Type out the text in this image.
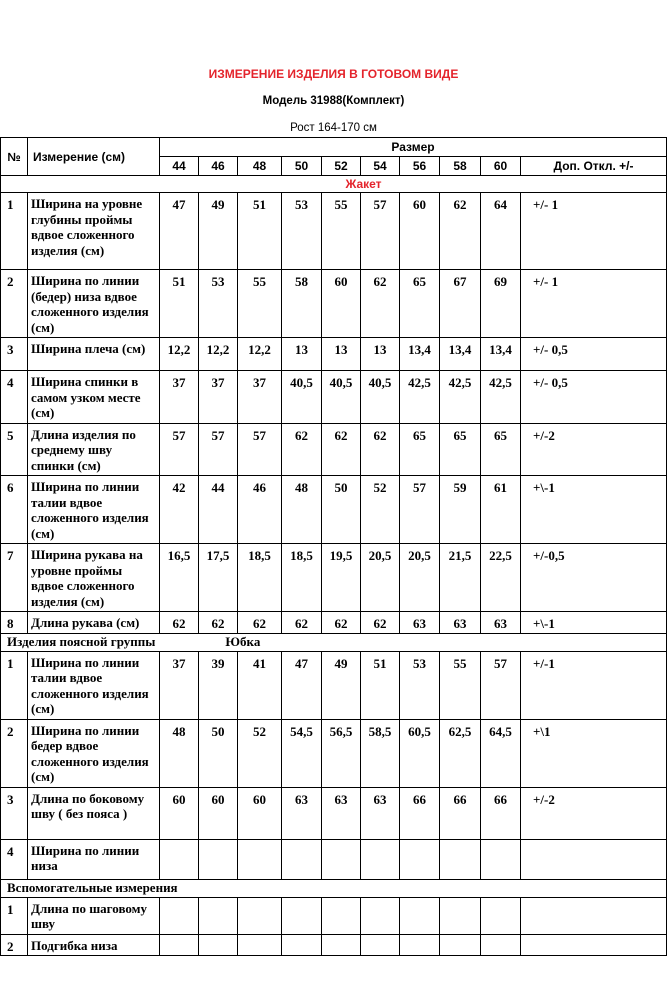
ИЗМЕРЕНИЕ ИЗДЕЛИЯ В ГОТОВОМ ВИДЕ
Модель 31988(Комплект)
Рост 164-170 см
№	Измерение (см)	Размер									
		44	46	48	50	52	54	56	58	60	Доп. Откл. +/-
Жакет											
1	Ширина на уровне глубины проймы вдвое сложенного изделия (см)	47	49	51	53	55	57	60	62	64	+/- 1
2	Ширина по линии (бедер) низа вдвое сложенного изделия (см)	51	53	55	58	60	62	65	67	69	+/- 1
3	Ширина плеча (см)	12,2	12,2	12,2	13	13	13	13,4	13,4	13,4	+/- 0,5
4	Ширина спинки в самом узком месте (см)	37	37	37	40,5	40,5	40,5	42,5	42,5	42,5	+/- 0,5
5	Длина изделия по среднему шву спинки (см)	57	57	57	62	62	62	65	65	65	+/-2
6	Ширина по линии талии вдвое сложенного изделия (см)	42	44	46	48	50	52	57	59	61	+\-1
7	Ширина рукава на уровне проймы вдвое сложенного изделия (см)	16,5	17,5	18,5	18,5	19,5	20,5	20,5	21,5	22,5	+/-0,5
8	Длина рукава (см)	62	62	62	62	62	62	63	63	63	+\-1
Изделия поясной группы Юбка											
1	Ширина по линии талии вдвое сложенного изделия (см)	37	39	41	47	49	51	53	55	57	+/-1
2	Ширина по линии бедер вдвое сложенного изделия (см)	48	50	52	54,5	56,5	58,5	60,5	62,5	64,5	+\1
3	Длина по боковому шву ( без пояса )	60	60	60	63	63	63	66	66	66	+/-2
4	Ширина по линии низа										
Вспомогательные измерения											
1	Длина по шаговому шву										
2	Подгибка низа										
